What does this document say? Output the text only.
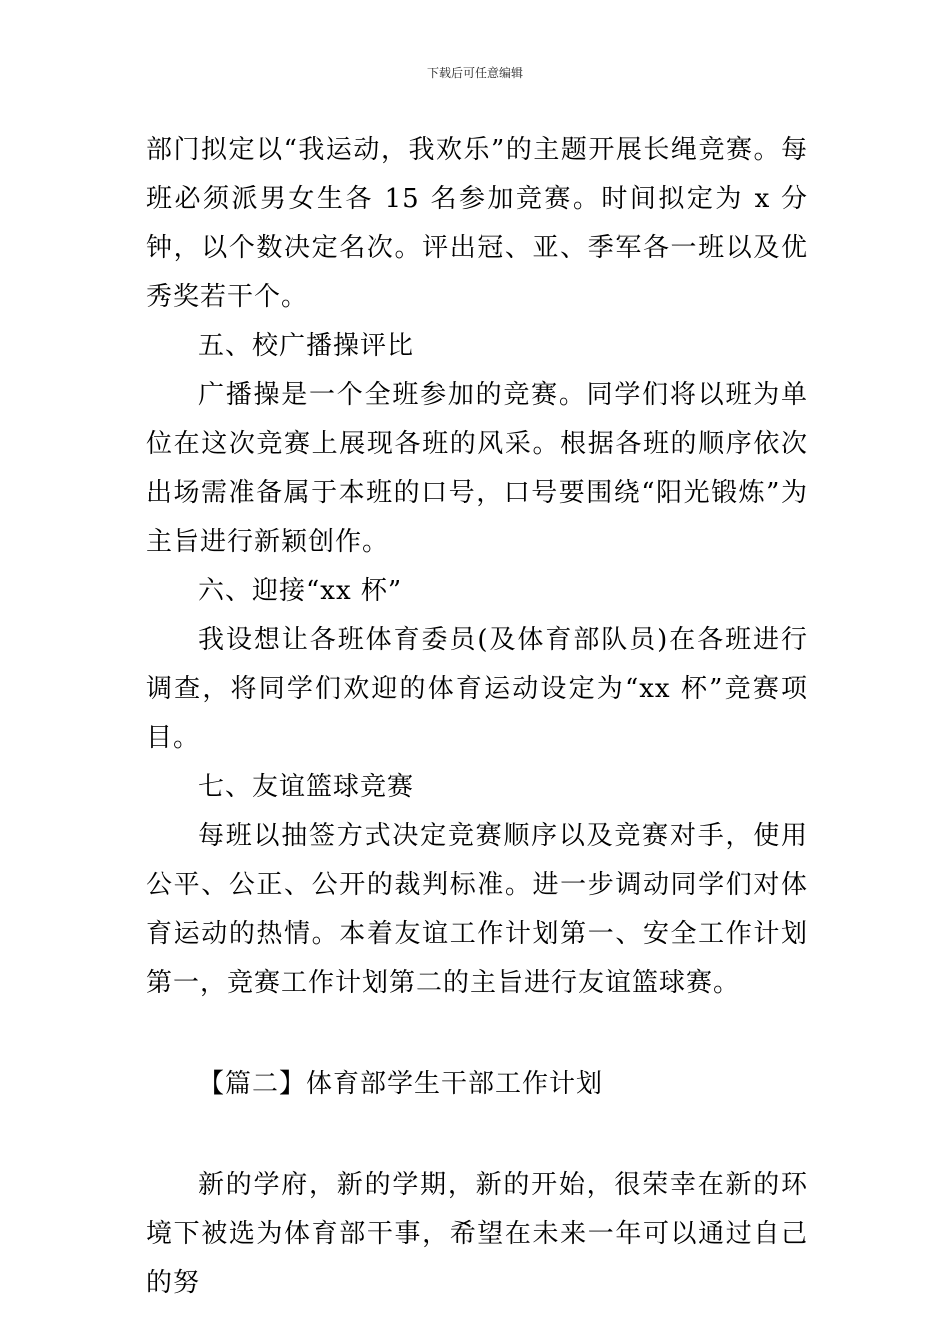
下载后可任意编辑

部门拟定以“我运动，我欢乐”的主题开展长绳竞赛。每班必须派男女生各 15 名参加竞赛。时间拟定为 x 分钟，以个数决定名次。评出冠、亚、季军各一班以及优秀奖若干个。

五、校广播操评比

广播操是一个全班参加的竞赛。同学们将以班为单位在这次竞赛上展现各班的风采。根据各班的顺序依次出场需准备属于本班的口号，口号要围绕“阳光锻炼”为主旨进行新颖创作。

六、迎接“xx 杯”

我设想让各班体育委员(及体育部队员)在各班进行调查，将同学们欢迎的体育运动设定为“xx 杯”竞赛项目。

七、友谊篮球竞赛

每班以抽签方式决定竞赛顺序以及竞赛对手，使用公平、公正、公开的裁判标准。进一步调动同学们对体育运动的热情。本着友谊工作计划第一、安全工作计划第一，竞赛工作计划第二的主旨进行友谊篮球赛。

【篇二】体育部学生干部工作计划

新的学府，新的学期，新的开始，很荣幸在新的环境下被选为体育部干事，希望在未来一年可以通过自己的努
